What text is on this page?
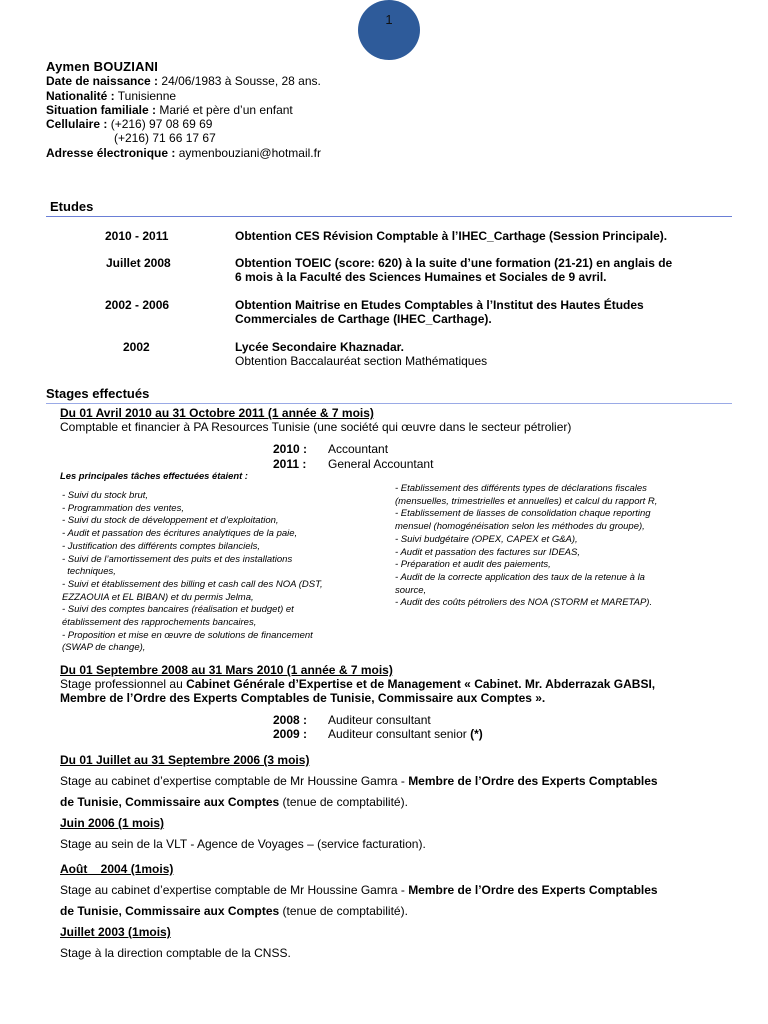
1
Aymen BOUZIANI
Date de naissance : 24/06/1983 à Sousse, 28 ans.
Nationalité : Tunisienne
Situation familiale : Marié et père d’un enfant
Cellulaire : (+216) 97 08 69 69
(+216) 71 66 17 67
Adresse électronique : aymenbouziani@hotmail.fr
Etudes
2010 - 2011	Obtention CES Révision Comptable à l’IHEC_Carthage (Session Principale).
Juillet 2008	Obtention TOEIC (score: 620) à la suite d’une formation (21-21) en anglais de
6 mois à la Faculté des Sciences Humaines et Sociales de 9 avril.
2002 - 2006	Obtention Maitrise en Etudes Comptables à l’Institut des Hautes Études
Commerciales de Carthage (IHEC_Carthage).
2002	Lycée Secondaire Khaznadar.
Obtention Baccalauréat section Mathématiques
Stages effectués
Du 01 Avril 2010 au 31 Octobre 2011 (1 année & 7 mois)
Comptable et financier à PA Resources Tunisie (une société qui œuvre dans le secteur pétrolier)
2010 : Accountant
2011 : General Accountant
Les principales tâches effectuées étaient :
- Suivi du stock brut,
- Programmation des ventes,
- Suivi du stock de développement et d’exploitation,
- Audit et passation des écritures analytiques de la paie,
- Justification des différents comptes bilanciels,
- Suivi de l’amortissement des puits et des installations
techniques,
- Suivi et établissement des billing et cash call des NOA (DST,
EZZAOUIA et EL BIBAN) et du permis Jelma,
- Suivi des comptes bancaires (réalisation et budget) et
établissement des rapprochements bancaires,
- Proposition et mise en œuvre de solutions de financement
(SWAP de change),
- Etablissement des différents types de déclarations fiscales
(mensuelles, trimestrielles et annuelles) et calcul du rapport R,
- Etablissement de liasses de consolidation chaque reporting
mensuel (homogénéisation selon les méthodes du groupe),
- Suivi budgétaire (OPEX, CAPEX et G&A),
- Audit et passation des factures sur IDEAS,
- Préparation et audit des paiements,
- Audit de la correcte application des taux de la retenue à la
source,
- Audit des coûts pétroliers des NOA (STORM et MARETAP).
Du 01 Septembre 2008 au 31 Mars 2010 (1 année & 7 mois)
Stage professionnel au Cabinet Générale d’Expertise et de Management « Cabinet. Mr. Abderrazak GABSI,
Membre de l’Ordre des Experts Comptables de Tunisie, Commissaire aux Comptes ».
2008 : Auditeur consultant
2009 : Auditeur consultant senior (*)
Du 01 Juillet au 31 Septembre 2006 (3 mois)
Stage au cabinet d’expertise comptable de Mr Houssine Gamra - Membre de l’Ordre des Experts Comptables
de Tunisie, Commissaire aux Comptes (tenue de comptabilité).
Juin 2006 (1 mois)
Stage au sein de la VLT - Agence de Voyages – (service facturation).
Août    2004 (1mois)
Stage au cabinet d’expertise comptable de Mr Houssine Gamra - Membre de l’Ordre des Experts Comptables
de Tunisie, Commissaire aux Comptes (tenue de comptabilité).
Juillet 2003 (1mois)
Stage à la direction comptable de la CNSS.
